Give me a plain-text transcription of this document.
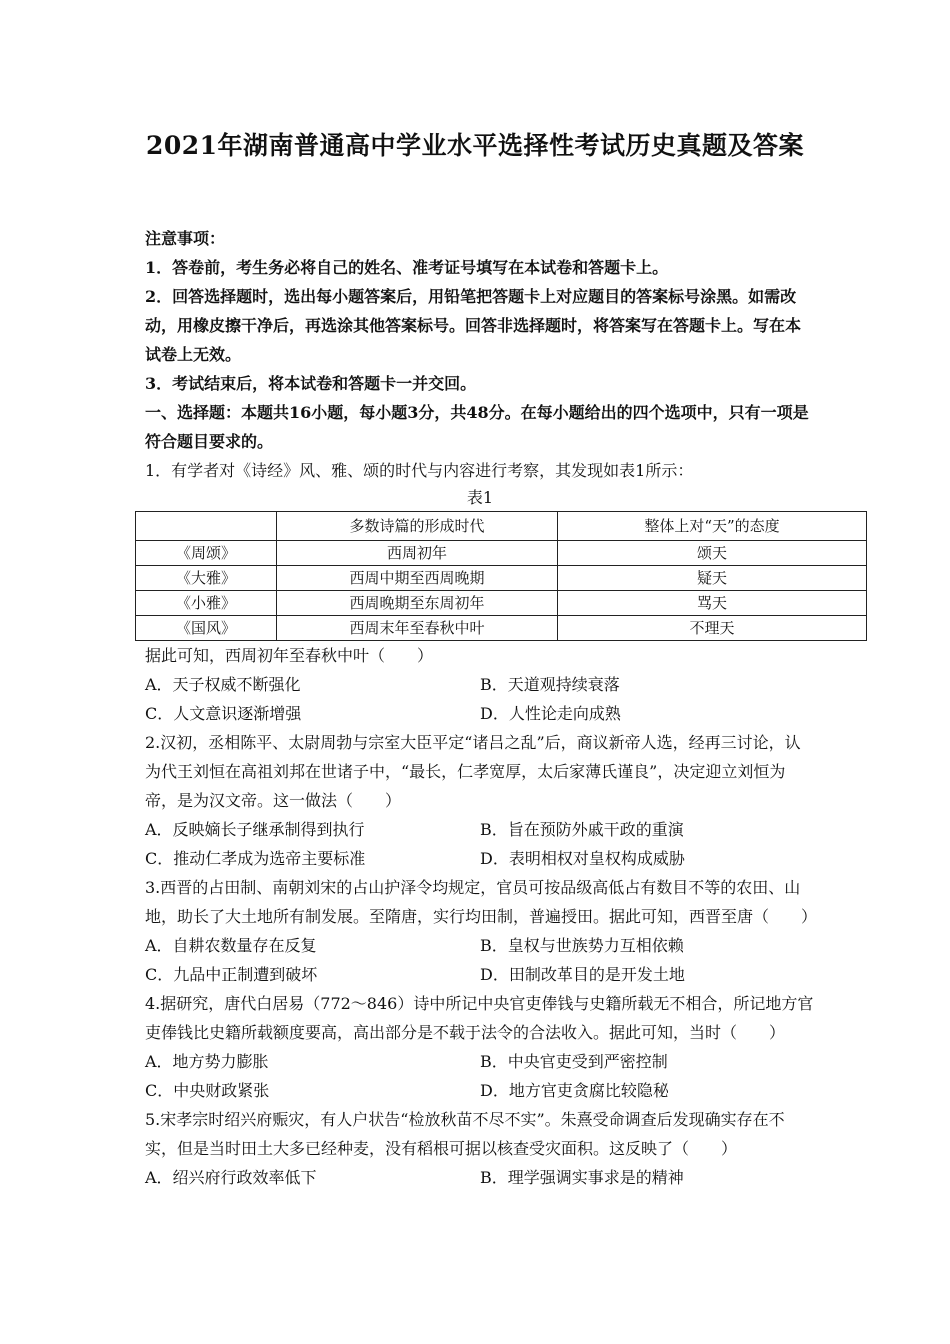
2021年湖南普通高中学业水平选择性考试历史真题及答案

注意事项：

1．答卷前，考生务必将自己的姓名、准考证号填写在本试卷和答题卡上。

2．回答选择题时，选出每小题答案后，用铅笔把答题卡上对应题目的答案标号涂黑。如需改动，用橡皮擦干净后，再选涂其他答案标号。回答非选择题时，将答案写在答题卡上。写在本试卷上无效。

3．考试结束后，将本试卷和答题卡一并交回。

一、选择题：本题共16小题，每小题3分，共48分。在每小题给出的四个选项中，只有一项是符合题目要求的。

1．有学者对《诗经》风、雅、颂的时代与内容进行考察，其发现如表1所示：

表1

	多数诗篇的形成时代	整体上对“天”的态度
《周颂》	西周初年	颂天
《大雅》	西周中期至西周晚期	疑天
《小雅》	西周晚期至东周初年	骂天
《国风》	西周末年至春秋中叶	不理天

据此可知，西周初年至春秋中叶（　　）

A．天子权威不断强化	B．天道观持续衰落
C．人文意识逐渐增强	D．人性论走向成熟

2.汉初，丞相陈平、太尉周勃与宗室大臣平定“诸吕之乱”后，商议新帝人选，经再三讨论，认为代王刘恒在高祖刘邦在世诸子中，“最长，仁孝宽厚，太后家薄氏谨良”，决定迎立刘恒为帝，是为汉文帝。这一做法（　　）

A．反映嫡长子继承制得到执行	B．旨在预防外戚干政的重演
C．推动仁孝成为选帝主要标准	D．表明相权对皇权构成威胁

3.西晋的占田制、南朝刘宋的占山护泽令均规定，官员可按品级高低占有数目不等的农田、山地，助长了大土地所有制发展。至隋唐，实行均田制，普遍授田。据此可知，西晋至唐（　　）

A．自耕农数量存在反复	B．皇权与世族势力互相依赖
C．九品中正制遭到破坏	D．田制改革目的是开发土地

4.据研究，唐代白居易（772～846）诗中所记中央官吏俸钱与史籍所载无不相合，所记地方官吏俸钱比史籍所载额度要高，高出部分是不载于法令的合法收入。据此可知，当时（　　）

A．地方势力膨胀	B．中央官吏受到严密控制
C．中央财政紧张	D．地方官吏贪腐比较隐秘

5.宋孝宗时绍兴府赈灾，有人户状告“检放秋苗不尽不实”。朱熹受命调查后发现确实存在不实，但是当时田土大多已经种麦，没有稻根可据以核查受灾面积。这反映了（　　）

A．绍兴府行政效率低下	B．理学强调实事求是的精神
